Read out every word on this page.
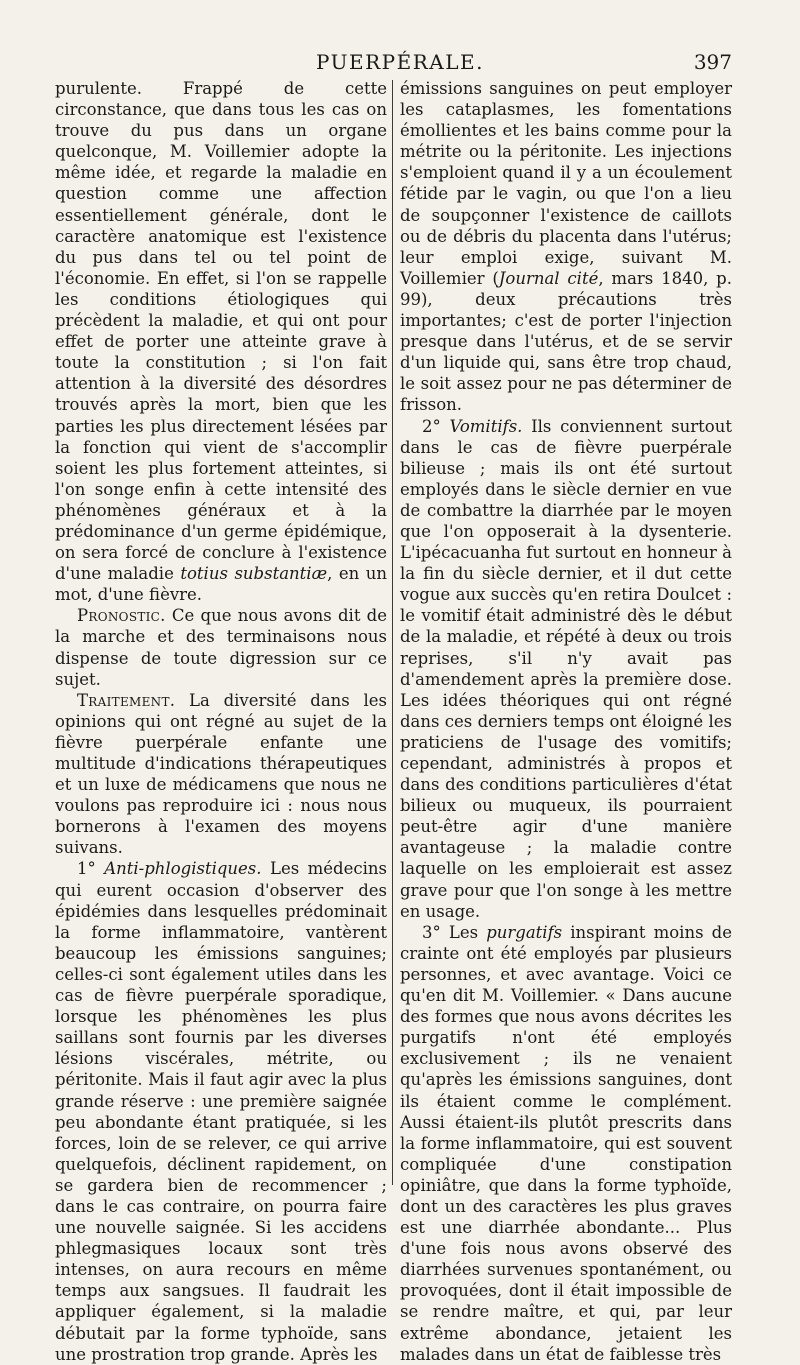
PUERPÉRALE.	397

purulente. Frappé de cette circonstance, que dans tous les cas on trouve du pus dans un organe quelconque, M. Voillemier adopte la même idée, et regarde la maladie en question comme une affection essentiellement générale, dont le caractère anatomique est l'existence du pus dans tel ou tel point de l'économie. En effet, si l'on se rappelle les conditions étiologiques qui précèdent la maladie, et qui ont pour effet de porter une atteinte grave à toute la constitution ; si l'on fait attention à la diversité des désordres trouvés après la mort, bien que les parties les plus directement lésées par la fonction qui vient de s'accomplir soient les plus fortement atteintes, si l'on songe enfin à cette intensité des phénomènes généraux et à la prédominance d'un germe épidémique, on sera forcé de conclure à l'existence d'une maladie totius substantiæ, en un mot, d'une fièvre.

Pronostic. Ce que nous avons dit de la marche et des terminaisons nous dispense de toute digression sur ce sujet.

Traitement. La diversité dans les opinions qui ont régné au sujet de la fièvre puerpérale enfante une multitude d'indications thérapeutiques et un luxe de médicamens que nous ne voulons pas reproduire ici : nous nous bornerons à l'examen des moyens suivans.

1° Anti-phlogistiques. Les médecins qui eurent occasion d'observer des épidémies dans lesquelles prédominait la forme inflammatoire, vantèrent beaucoup les émissions sanguines; celles-ci sont également utiles dans les cas de fièvre puerpérale sporadique, lorsque les phénomènes les plus saillans sont fournis par les diverses lésions viscérales, métrite, ou péritonite. Mais il faut agir avec la plus grande réserve : une première saignée peu abondante étant pratiquée, si les forces, loin de se relever, ce qui arrive quelquefois, déclinent rapidement, on se gardera bien de recommencer ; dans le cas contraire, on pourra faire une nouvelle saignée. Si les accidens phlegmasiques locaux sont très intenses, on aura recours en même temps aux sangsues. Il faudrait les appliquer également, si la maladie débutait par la forme typhoïde, sans une prostration trop grande. Après les

émissions sanguines on peut employer les cataplasmes, les fomentations émollientes et les bains comme pour la métrite ou la péritonite. Les injections s'emploient quand il y a un écoulement fétide par le vagin, ou que l'on a lieu de soupçonner l'existence de caillots ou de débris du placenta dans l'utérus; leur emploi exige, suivant M. Voillemier (Journal cité, mars 1840, p. 99), deux précautions très importantes; c'est de porter l'injection presque dans l'utérus, et de se servir d'un liquide qui, sans être trop chaud, le soit assez pour ne pas déterminer de frisson.

2° Vomitifs. Ils conviennent surtout dans le cas de fièvre puerpérale bilieuse ; mais ils ont été surtout employés dans le siècle dernier en vue de combattre la diarrhée par le moyen que l'on opposerait à la dysenterie. L'ipécacuanha fut surtout en honneur à la fin du siècle dernier, et il dut cette vogue aux succès qu'en retira Doulcet : le vomitif était administré dès le début de la maladie, et répété à deux ou trois reprises, s'il n'y avait pas d'amendement après la première dose. Les idées théoriques qui ont régné dans ces derniers temps ont éloigné les praticiens de l'usage des vomitifs; cependant, administrés à propos et dans des conditions particulières d'état bilieux ou muqueux, ils pourraient peut-être agir d'une manière avantageuse ; la maladie contre laquelle on les emploierait est assez grave pour que l'on songe à les mettre en usage.

3° Les purgatifs inspirant moins de crainte ont été employés par plusieurs personnes, et avec avantage. Voici ce qu'en dit M. Voillemier. « Dans aucune des formes que nous avons décrites les purgatifs n'ont été employés exclusivement ; ils ne venaient qu'après les émissions sanguines, dont ils étaient comme le complément. Aussi étaient-ils plutôt prescrits dans la forme inflammatoire, qui est souvent compliquée d'une constipation opiniâtre, que dans la forme typhoïde, dont un des caractères les plus graves est une diarrhée abondante... Plus d'une fois nous avons observé des diarrhées survenues spontanément, ou provoquées, dont il était impossible de se rendre maître, et qui, par leur extrême abondance, jetaient les malades dans un état de faiblesse très
